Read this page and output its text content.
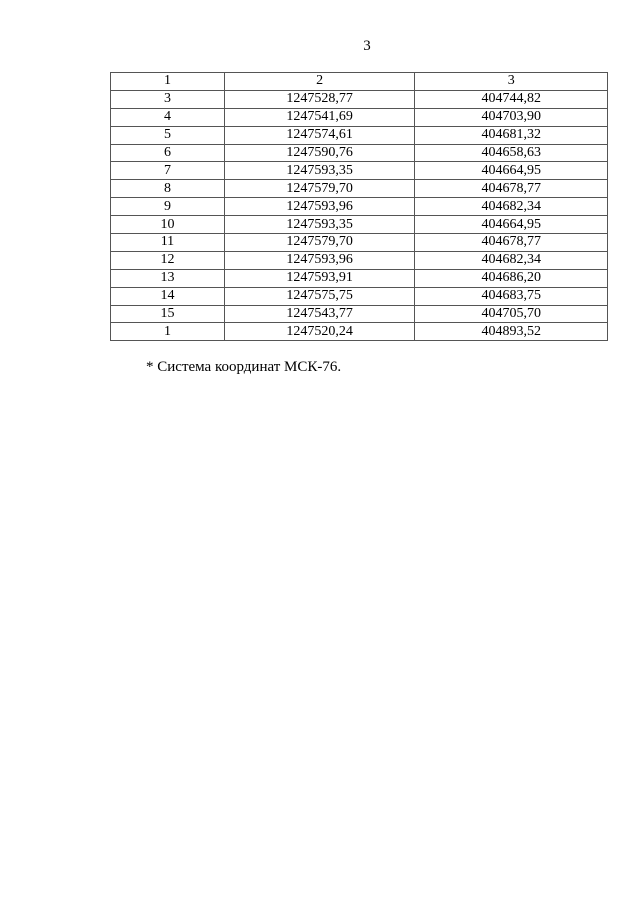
3
1	2	3
3	1247528,77	404744,82
4	1247541,69	404703,90
5	1247574,61	404681,32
6	1247590,76	404658,63
7	1247593,35	404664,95
8	1247579,70	404678,77
9	1247593,96	404682,34
10	1247593,35	404664,95
11	1247579,70	404678,77
12	1247593,96	404682,34
13	1247593,91	404686,20
14	1247575,75	404683,75
15	1247543,77	404705,70
1	1247520,24	404893,52
* Система координат МСК-76.
